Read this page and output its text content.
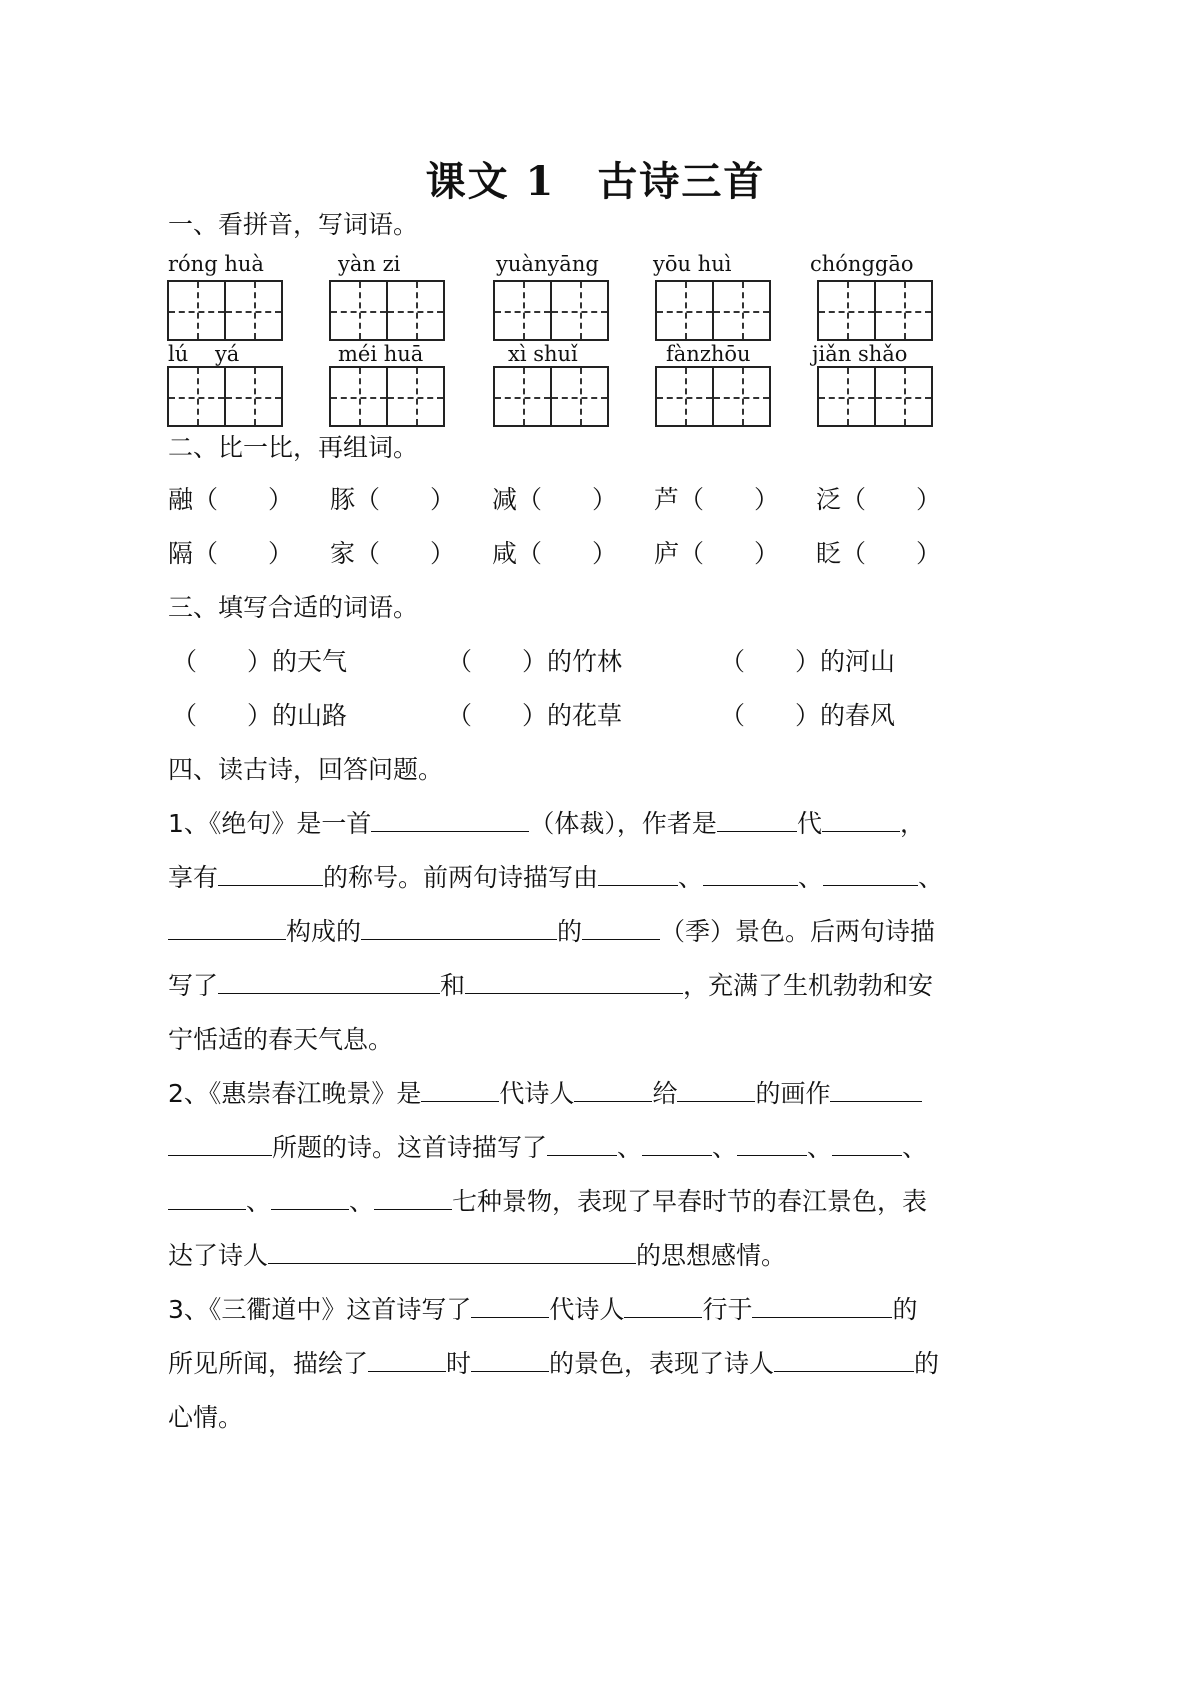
课文 1　古诗三首
一、看拼音，写词语。
róng huà	yàn zi	yuànyāng	yōu huì	chónggāo
lú    yá	méi huā	xì shuǐ	fànzhōu	jiǎn shǎo
二、比一比，再组词。
融（　　） 豚（　　） 减（　　） 芦（　　） 泛（　　）
隔（　　） 家（　　） 咸（　　） 庐（　　） 眨（　　）
三、填写合适的词语。
（　　）的天气	（　　）的竹林	（　　）的河山
（　　）的山路	（　　）的花草	（　　）的春风
四、读古诗，回答问题。
1、《绝句》是一首	（体裁），作者是	代	，
享有	的称号。前两句诗描写由	、	、	、
构成的	的	（季）景色。后两句诗描
写了	和	，充满了生机勃勃和安
宁恬适的春天气息。
2、《惠崇春江晚景》是	代诗人	给	的画作
所题的诗。这首诗描写了	、	、	、	、
、	、	七种景物，表现了早春时节的春江景色，表
达了诗人	的思想感情。
3、《三衢道中》这首诗写了	代诗人	行于	的
所见所闻，描绘了	时	的景色，表现了诗人	的
心情。
